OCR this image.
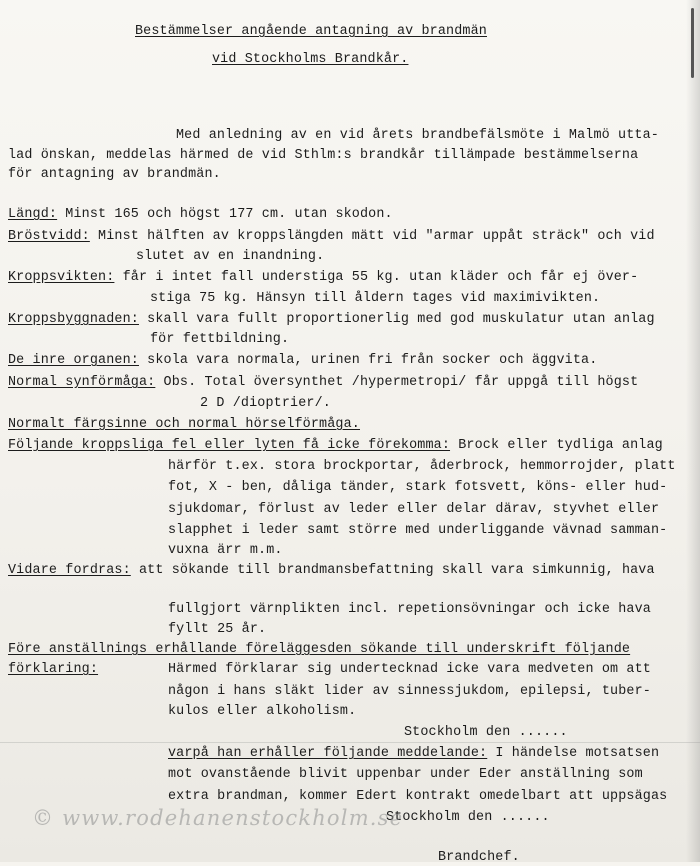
Bestämmelser angående antagning av brandmän
vid Stockholms Brandkår.
Med anledning av en vid årets brandbefälsmöte i Malmö utta-
lad önskan, meddelas härmed de vid Sthlm:s brandkår tillämpade bestämmelserna
för antagning av brandmän.
Längd: Minst 165 och högst 177 cm. utan skodon.
Bröstvidd: Minst hälften av kroppslängden mätt vid "armar uppåt sträck" och vid
slutet av en inandning.
Kroppsvikten: får i intet fall understiga 55 kg. utan kläder och får ej över-
stiga 75 kg. Hänsyn till åldern tages vid maximivikten.
Kroppsbyggnaden: skall vara fullt proportionerlig med god muskulatur utan anlag
för fettbildning.
De inre organen: skola vara normala, urinen fri från socker och äggvita.
Normal synförmåga: Obs. Total översynthet /hypermetropi/ får uppgå till högst
2 D /dioptrier/.
Normalt färgsinne och normal hörselförmåga.
Följande kroppsliga fel eller lyten få icke förekomma: Brock eller tydliga anlag
härför t.ex. stora brockportar, åderbrock, hemmorrojder, platt
fot, X - ben, dåliga tänder, stark fotsvett, köns- eller hud-
sjukdomar, förlust av leder eller delar därav, styvhet eller
slapphet i leder samt större med underliggande vävnad samman-
vuxna ärr m.m.
Vidare fordras: att sökande till brandmansbefattning skall vara simkunnig, hava
fullgjort värnplikten incl. repetionsövningar och icke hava
fyllt 25 år.
Före anställnings erhållande föreläggesden sökande till underskrift följande
förklaring:	Härmed förklarar sig undertecknad icke vara medveten om att
någon i hans släkt lider av sinnessjukdom, epilepsi, tuber-
kulos eller alkoholism.
Stockholm den ......
varpå han erhåller följande meddelande: I händelse motsatsen
mot ovanstående blivit uppenbar under Eder anställning som
extra brandman, kommer Edert kontrakt omedelbart att uppsägas
Stockholm den ......
Brandchef.
© www.rodehanenstockholm.se
